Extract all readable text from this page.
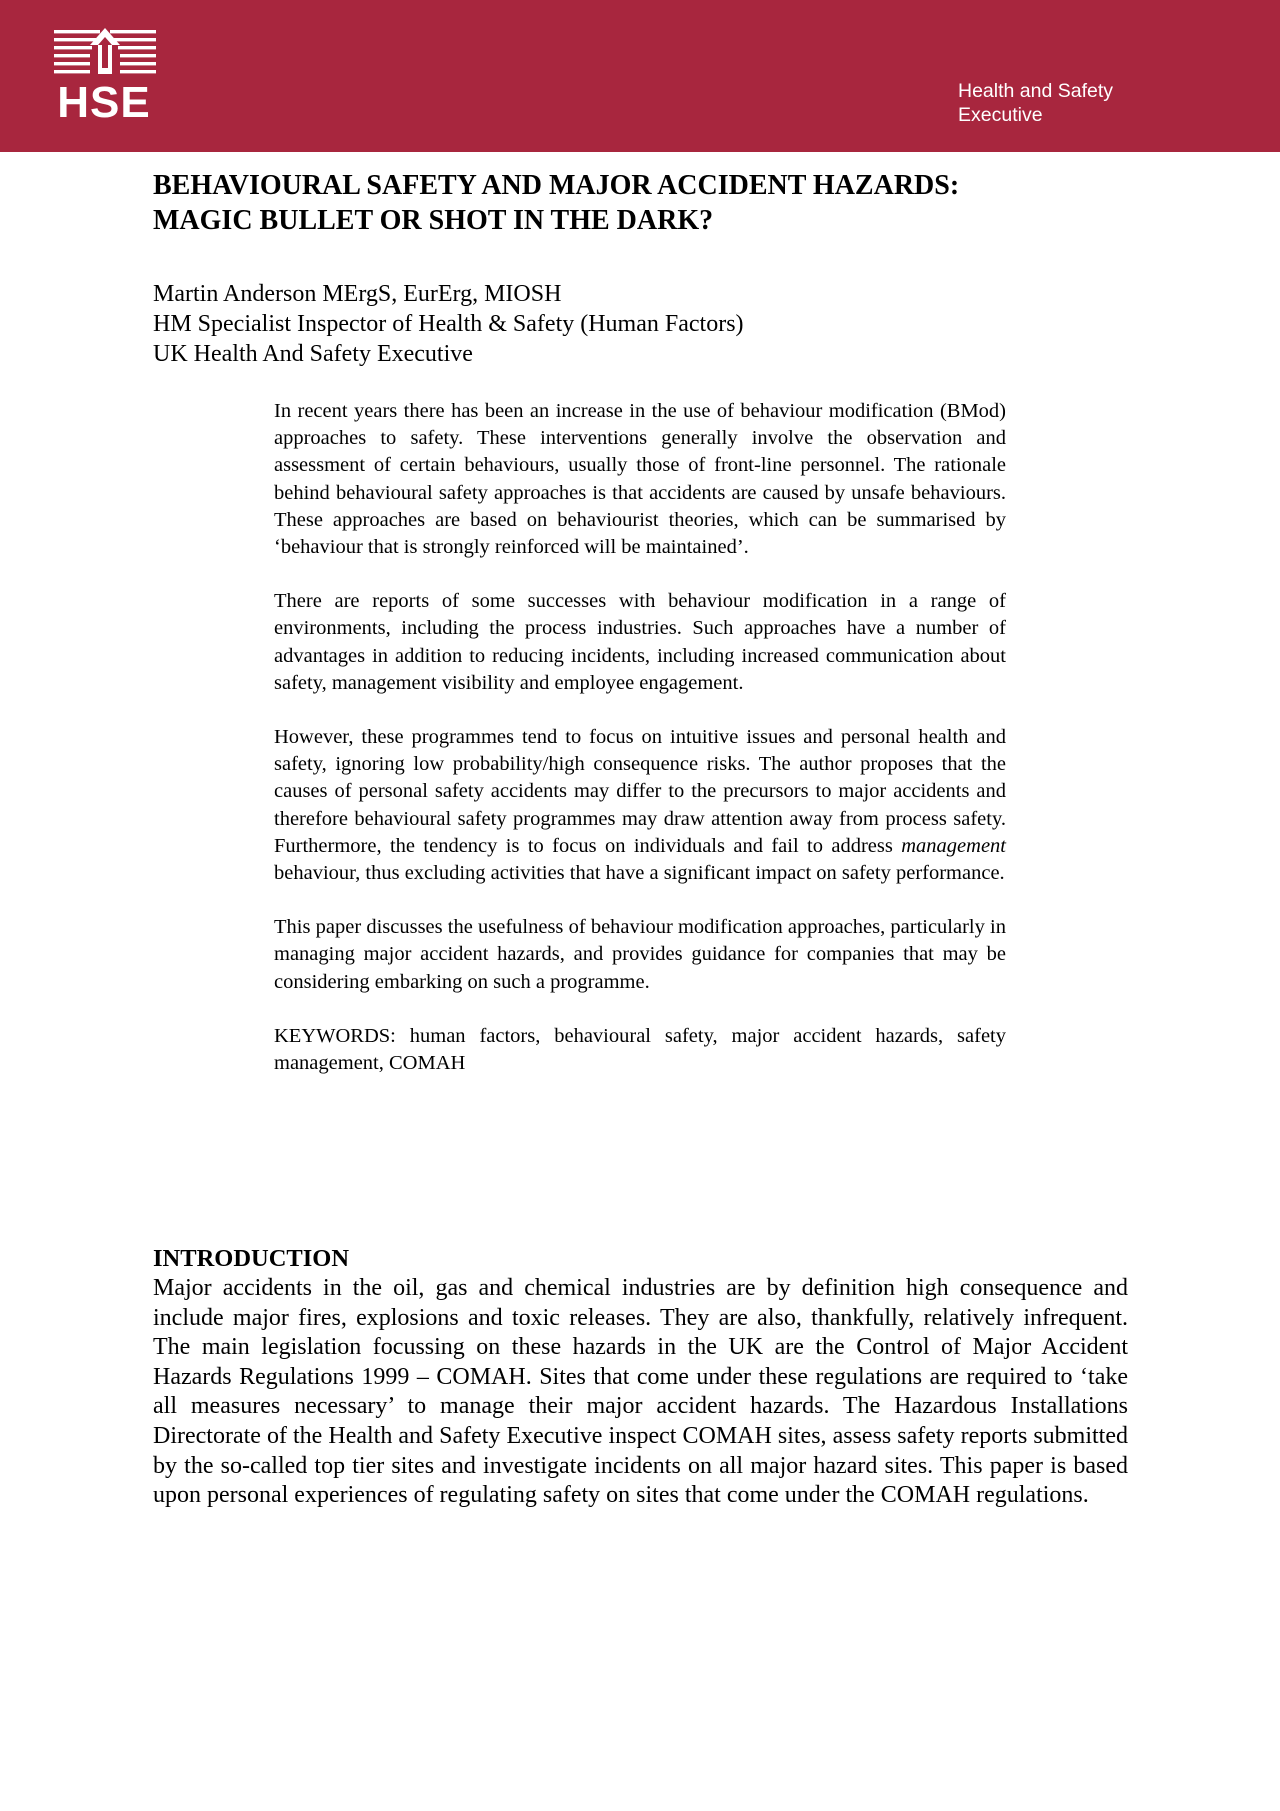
HSE	Health and Safety
Executive
BEHAVIOURAL SAFETY AND MAJOR ACCIDENT HAZARDS:
MAGIC BULLET OR SHOT IN THE DARK?
Martin Anderson MErgS, EurErg, MIOSH
HM Specialist Inspector of Health & Safety (Human Factors)
UK Health And Safety Executive

In recent years there has been an increase in the use of behaviour modification (BMod) approaches to safety. These interventions generally involve the observation and assessment of certain behaviours, usually those of front-line personnel. The rationale behind behavioural safety approaches is that accidents are caused by unsafe behaviours. These approaches are based on behaviourist theories, which can be summarised by ‘behaviour that is strongly reinforced will be maintained’.

There are reports of some successes with behaviour modification in a range of environments, including the process industries. Such approaches have a number of advantages in addition to reducing incidents, including increased communication about safety, management visibility and employee engagement.

However, these programmes tend to focus on intuitive issues and personal health and safety, ignoring low probability/high consequence risks. The author proposes that the causes of personal safety accidents may differ to the precursors to major accidents and therefore behavioural safety programmes may draw attention away from process safety. Furthermore, the tendency is to focus on individuals and fail to address management behaviour, thus excluding activities that have a significant impact on safety performance.

This paper discusses the usefulness of behaviour modification approaches, particularly in managing major accident hazards, and provides guidance for companies that may be considering embarking on such a programme.

KEYWORDS: human factors, behavioural safety, major accident hazards, safety management, COMAH

INTRODUCTION

Major accidents in the oil, gas and chemical industries are by definition high consequence and include major fires, explosions and toxic releases. They are also, thankfully, relatively infrequent. The main legislation focussing on these hazards in the UK are the Control of Major Accident Hazards Regulations 1999 – COMAH. Sites that come under these regulations are required to ‘take all measures necessary’ to manage their major accident hazards. The Hazardous Installations Directorate of the Health and Safety Executive inspect COMAH sites, assess safety reports submitted by the so-called top tier sites and investigate incidents on all major hazard sites. This paper is based upon personal experiences of regulating safety on sites that come under the COMAH regulations.
